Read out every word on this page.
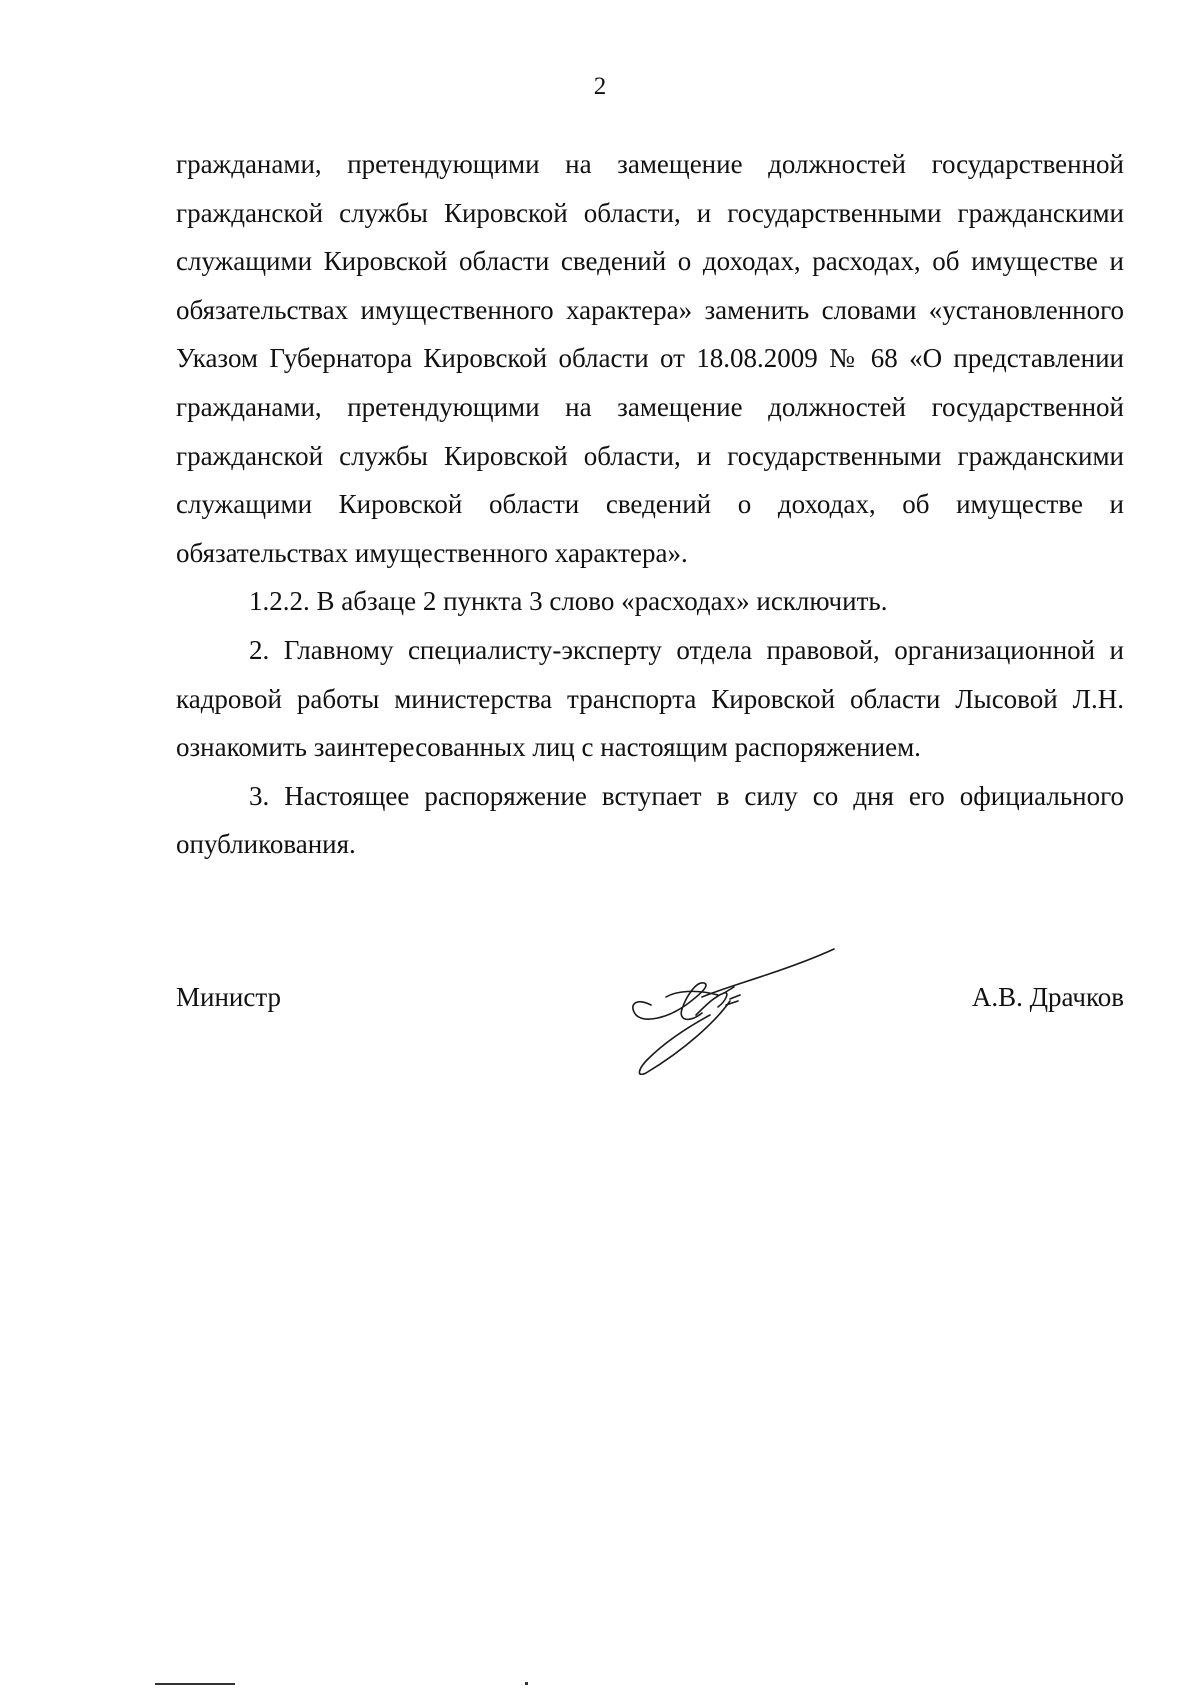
2

гражданами, претендующими на замещение должностей государственной гражданской службы Кировской области, и государственными гражданскими служащими Кировской области сведений о доходах, расходах, об имуществе и обязательствах имущественного характера» заменить словами «установленного Указом Губернатора Кировской области от 18.08.2009 № 68 «О представлении гражданами, претендующими на замещение должностей государственной гражданской службы Кировской области, и государственными гражданскими служащими Кировской области сведений о доходах, об имуществе и обязательствах имущественного характера».

1.2.2. В абзаце 2 пункта 3 слово «расходах» исключить.

2. Главному специалисту-эксперту отдела правовой, организационной и кадровой работы министерства транспорта Кировской области Лысовой Л.Н. ознакомить заинтересованных лиц с настоящим распоряжением.

3. Настоящее распоряжение вступает в силу со дня его официального опубликования.

Министр	А.В. Драчков
